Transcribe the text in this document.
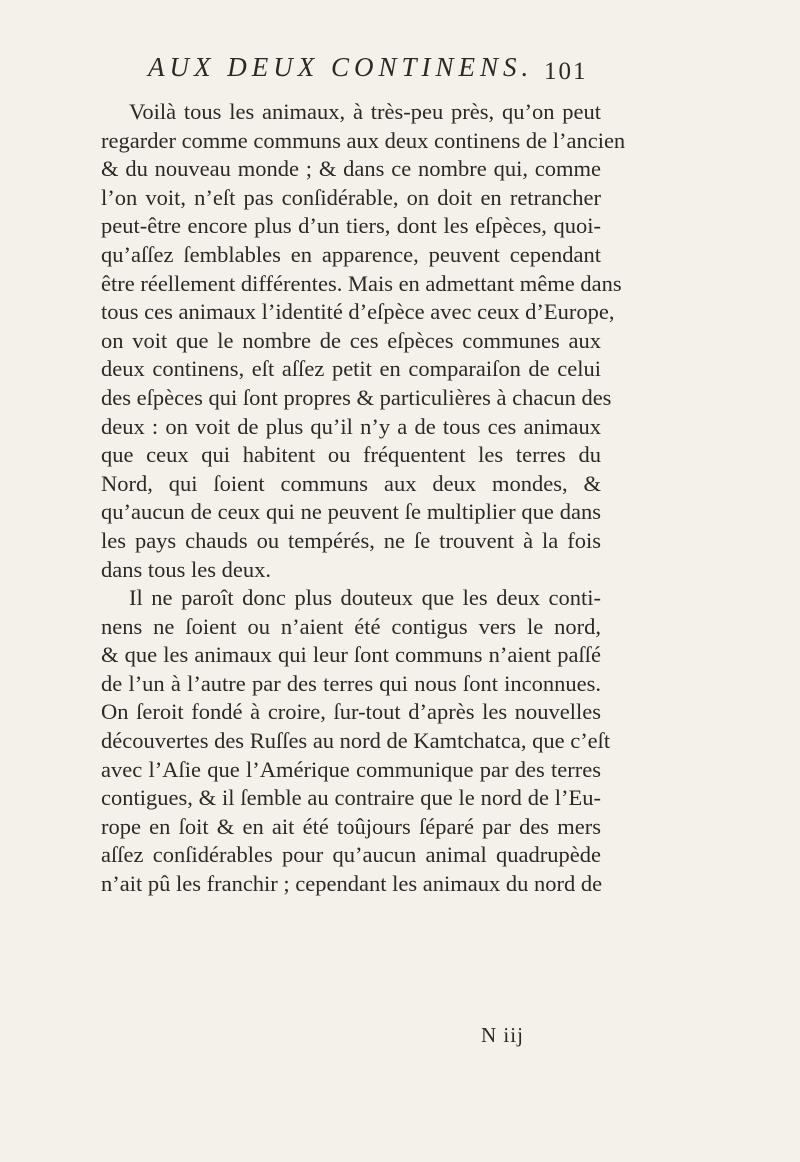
AUX DEUX CONTINENS. 101
Voilà tous les animaux, à très-peu près, qu’on peut
regarder comme communs aux deux continens de l’ancien
& du nouveau monde ; & dans ce nombre qui, comme
l’on voit, n’eſt pas conſidérable, on doit en retrancher
peut-être encore plus d’un tiers, dont les eſpèces, quoi-
qu’aſſez ſemblables en apparence, peuvent cependant
être réellement différentes. Mais en admettant même dans
tous ces animaux l’identité d’eſpèce avec ceux d’Europe,
on voit que le nombre de ces eſpèces communes aux
deux continens, eſt aſſez petit en comparaiſon de celui
des eſpèces qui ſont propres & particulières à chacun des
deux : on voit de plus qu’il n’y a de tous ces animaux
que ceux qui habitent ou fréquentent les terres du
Nord, qui ſoient communs aux deux mondes, &
qu’aucun de ceux qui ne peuvent ſe multiplier que dans
les pays chauds ou tempérés, ne ſe trouvent à la fois
dans tous les deux.
Il ne paroît donc plus douteux que les deux conti-
nens ne ſoient ou n’aient été contigus vers le nord,
& que les animaux qui leur ſont communs n’aient paſſé
de l’un à l’autre par des terres qui nous ſont inconnues.
On ſeroit fondé à croire, ſur-tout d’après les nouvelles
découvertes des Ruſſes au nord de Kamtchatca, que c’eſt
avec l’Aſie que l’Amérique communique par des terres
contigues, & il ſemble au contraire que le nord de l’Eu-
rope en ſoit & en ait été toûjours ſéparé par des mers
aſſez conſidérables pour qu’aucun animal quadrupède
n’ait pû les franchir ; cependant les animaux du nord de
N iij
